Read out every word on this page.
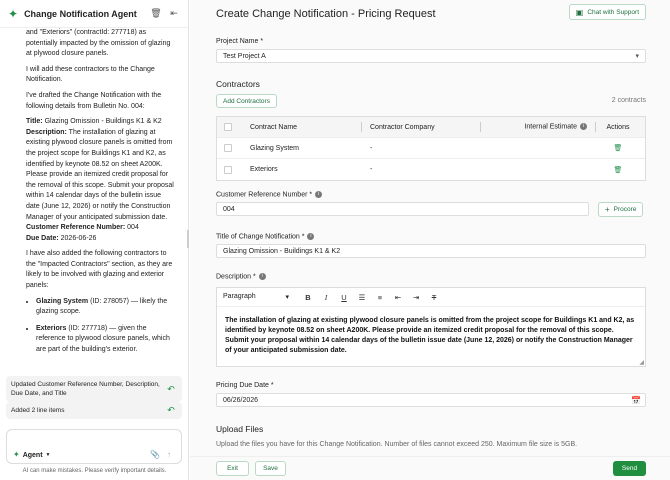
✦ Change Notification Agent	🗑 ⇤

and "Exteriors" (contractId: 277718) as potentially impacted by the omission of glazing at plywood closure panels.

I will add these contractors to the Change Notification.

I've drafted the Change Notification with the following details from Bulletin No. 004:

Title: Glazing Omission - Buildings K1 & K2
Description: The installation of glazing at existing plywood closure panels is omitted from the project scope for Buildings K1 and K2, as identified by keynote 08.52 on sheet A200K. Please provide an itemized credit proposal for the removal of this scope. Submit your proposal within 14 calendar days of the bulletin issue date (June 12, 2026) or notify the Construction Manager of your anticipated submission date.
Customer Reference Number: 004
Due Date: 2026-06-26

I have also added the following contractors to the "Impacted Contractors" section, as they are likely to be involved with glazing and exterior panels:

• Glazing System (ID: 278057) — likely the glazing scope.
• Exteriors (ID: 277718) — given the reference to plywood closure panels, which are part of the building's exterior.
Updated Customer Reference Number, Description, Due Date, and Title	↶
Added 2 line items	↶
✦ Agent ▼	📎 ↑
AI can make mistakes. Please verify important details.
Create Change Notification - Pricing Request	▣ Chat with Support
Project Name *
Test Project A	▾
Contractors
Add Contractors	2 contracts
Contract Name	Contractor Company	Internal Estimate i	Actions
Glazing System	-	🗑
Exteriors	-	🗑
Customer Reference Number * i
004	+ Procore
Title of Change Notification * i
Glazing Omission - Buildings K1 & K2
Description * i
Paragraph	▾	B	I	U	☰	≡	⇤	⇥	T
The installation of glazing at existing plywood closure panels is omitted from the project scope for Buildings K1 and K2, as identified by keynote 08.52 on sheet A200K. Please provide an itemized credit proposal for the removal of this scope. Submit your proposal within 14 calendar days of the bulletin issue date (June 12, 2026) or notify the Construction Manager of your anticipated submission date.
◢
Pricing Due Date *
06/26/2026	📅
Upload Files
Upload the files you have for this Change Notification. Number of files cannot exceed 250. Maximum file size is 5GB.
Exit	Save	Send
